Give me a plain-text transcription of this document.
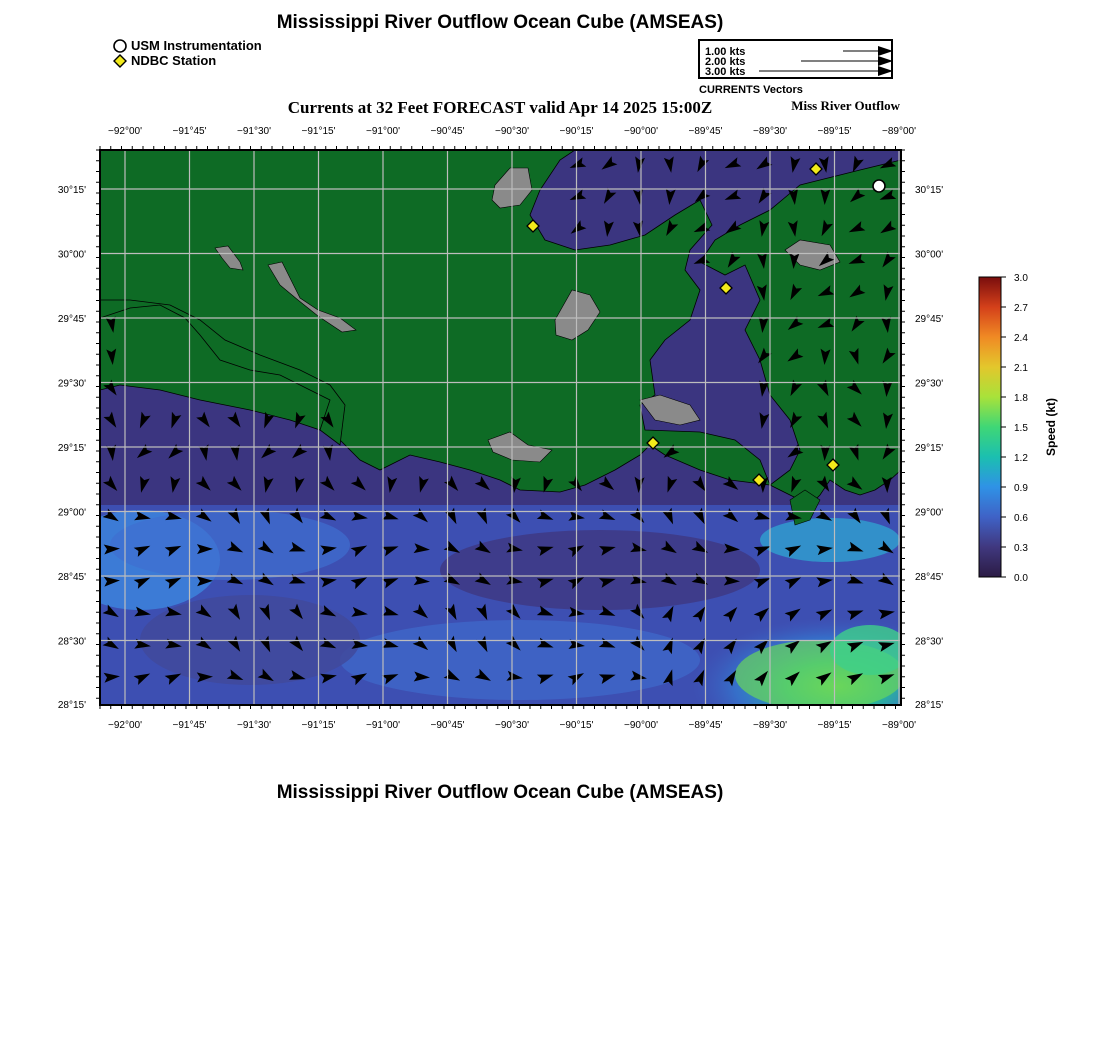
Mississippi River Outflow Ocean Cube (AMSEAS)
Currents at 32 Feet FORECAST valid Apr 14 2025 15:00Z	Miss River Outflow
USM Instrumentation
NDBC Station
1.00 kts
2.00 kts
3.00 kts
CURRENTS Vectors
−92°00'	−91°45'	−91°30'	−91°15'	−91°00'	−90°45'	−90°30'	−90°15'	−90°00'	−89°45'	−89°30'	−89°15'	−89°00'
−92°00'	−91°45'	−91°30'	−91°15'	−91°00'	−90°45'	−90°30'	−90°15'	−90°00'	−89°45'	−89°30'	−89°15'	−89°00'
30°15'
30°00'
29°45'
29°30'
29°15'
29°00'
28°45'
28°30'
28°15'
30°15'
30°00'
29°45'
29°30'
29°15'
29°00'
28°45'
28°30'
28°15'
3.0
2.7
2.4
2.1
1.8
1.5
1.2
0.9
0.6
0.3
0.0
Speed (kt)
Mississippi River Outflow Ocean Cube (AMSEAS)
